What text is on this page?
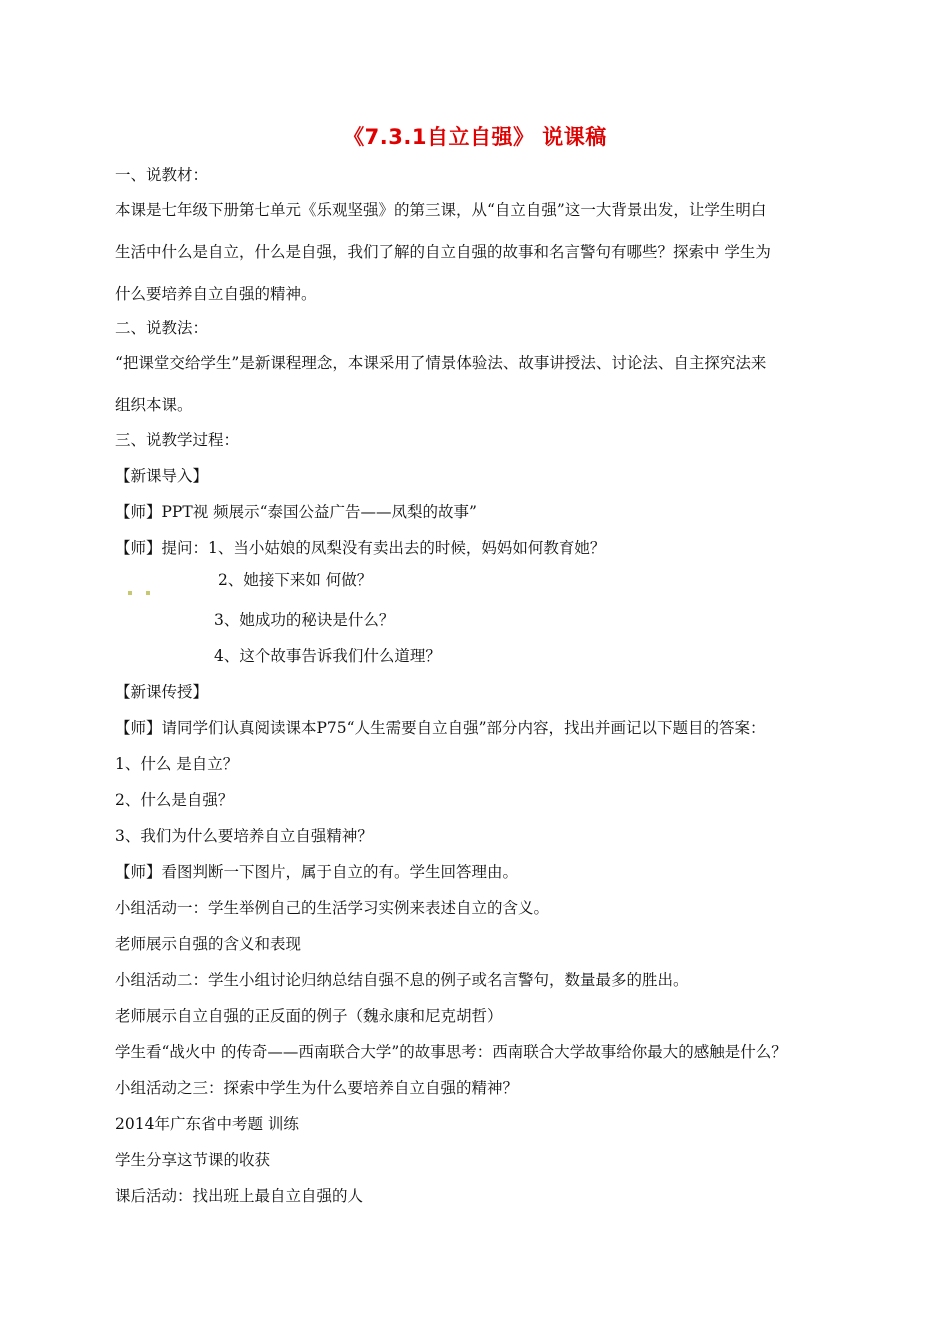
《7.3.1自立自强》 说课稿
一、说教材：
本课是七年级下册第七单元《乐观坚强》的第三课，从“自立自强”这一大背景出发，让学生明白
生活中什么是自立，什么是自强，我们了解的自立自强的故事和名言警句有哪些？探索中 学生为
什么要培养自立自强的精神。
二、说教法：
“把课堂交给学生”是新课程理念，本课采用了情景体验法、故事讲授法、讨论法、自主探究法来
组织本课。
三、说教学过程：
【新课导入】
【师】PPT视 频展示“泰国公益广告——凤梨的故事”
【师】提问：1、当小姑娘的凤梨没有卖出去的时候，妈妈如何教育她？
2、她接下来如 何做？
3、她成功的秘诀是什么？
4、这个故事告诉我们什么道理？
【新课传授】
【师】请同学们认真阅读课本P75“人生需要自立自强”部分内容，找出并画记以下题目的答案：
1、什么 是自立？
2、什么是自强？
3、我们为什么要培养自立自强精神？
【师】看图判断一下图片，属于自立的有。学生回答理由。
小组活动一：学生举例自己的生活学习实例来表述自立的含义。
老师展示自强的含义和表现
小组活动二：学生小组讨论归纳总结自强不息的例子或名言警句，数量最多的胜出。
老师展示自立自强的正反面的例子（魏永康和尼克胡哲）
学生看“战火中 的传奇——西南联合大学”的故事思考：西南联合大学故事给你最大的感触是什么？
小组活动之三：探索中学生为什么要培养自立自强的精神？
2014年广东省中考题 训练
学生分享这节课的收获
课后活动：找出班上最自立自强的人
